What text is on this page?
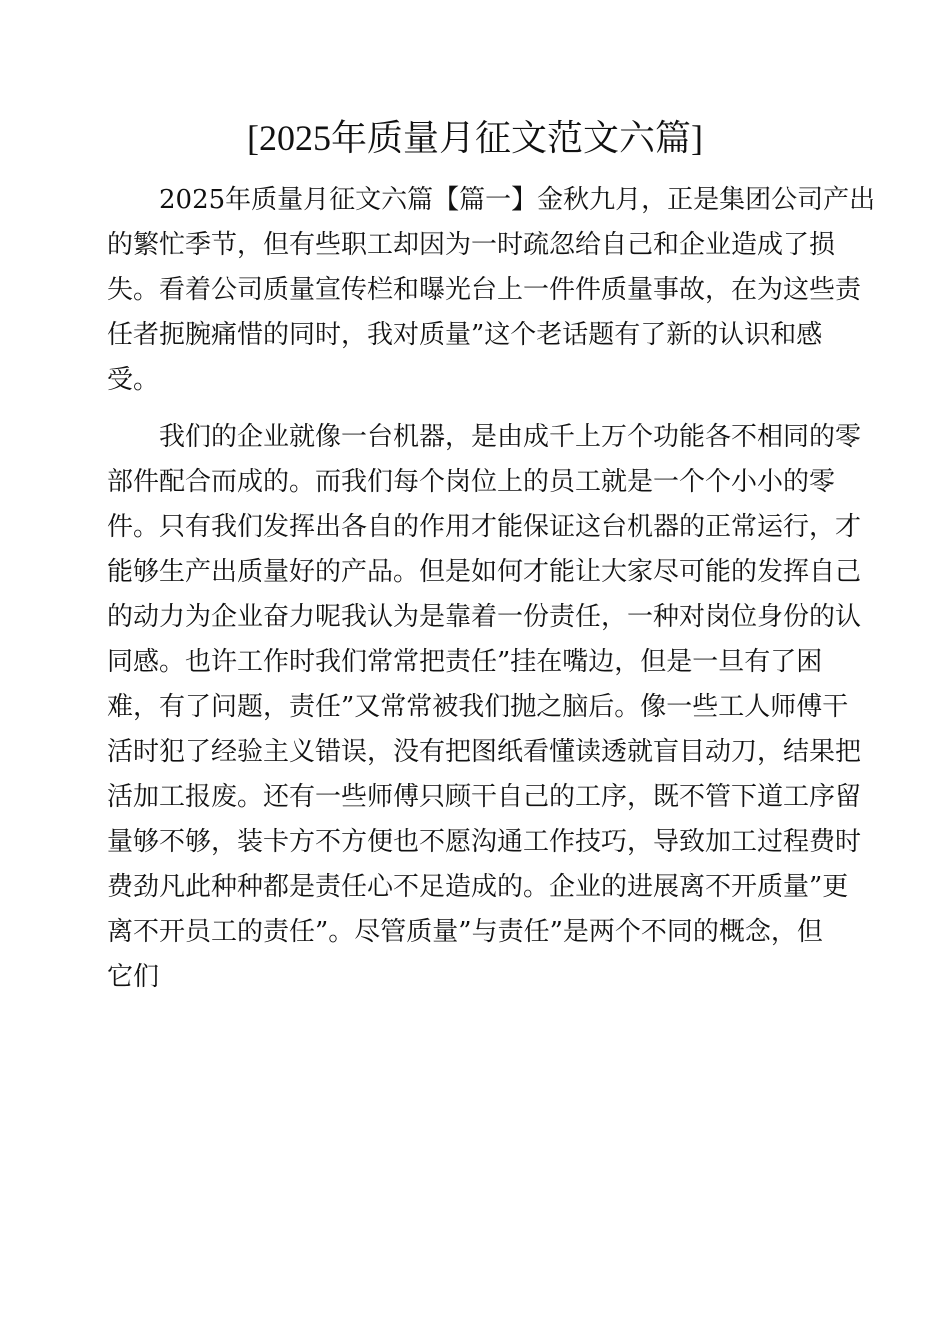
[2025年质量月征文范文六篇]
2025年质量月征文六篇【篇一】金秋九月，正是集团公司产出
的繁忙季节，但有些职工却因为一时疏忽给自己和企业造成了损
失。看着公司质量宣传栏和曝光台上一件件质量事故，在为这些责
任者扼腕痛惜的同时，我对质量”这个老话题有了新的认识和感
受。
我们的企业就像一台机器，是由成千上万个功能各不相同的零
部件配合而成的。而我们每个岗位上的员工就是一个个小小的零
件。只有我们发挥出各自的作用才能保证这台机器的正常运行，才
能够生产出质量好的产品。但是如何才能让大家尽可能的发挥自己
的动力为企业奋力呢我认为是靠着一份责任，一种对岗位身份的认
同感。也许工作时我们常常把责任”挂在嘴边，但是一旦有了困
难，有了问题，责任”又常常被我们抛之脑后。像一些工人师傅干
活时犯了经验主义错误，没有把图纸看懂读透就盲目动刀，结果把
活加工报废。还有一些师傅只顾干自己的工序，既不管下道工序留
量够不够，装卡方不方便也不愿沟通工作技巧，导致加工过程费时
费劲凡此种种都是责任心不足造成的。企业的进展离不开质量”更
离不开员工的责任”。尽管质量”与责任”是两个不同的概念，但
它们
